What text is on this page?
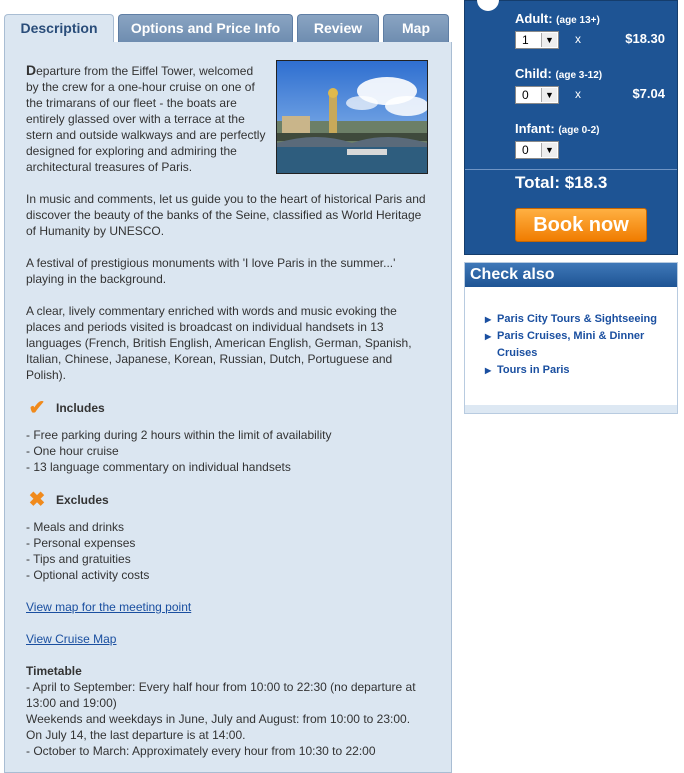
Description	Options and Price Info	Review	Map

Departure from the Eiffel Tower, welcomed by the crew for a one-hour cruise on one of the trimarans of our fleet - the boats are entirely glassed over with a terrace at the stern and outside walkways and are perfectly designed for exploring and admiring the architectural treasures of Paris.

In music and comments, let us guide you to the heart of historical Paris and discover the beauty of the banks of the Seine, classified as World Heritage of Humanity by UNESCO.

A festival of prestigious monuments with 'I love Paris in the summer...' playing in the background.

A clear, lively commentary enriched with words and music evoking the places and periods visited is broadcast on individual handsets in 13 languages (French, British English, American English, German, Spanish, Italian, Chinese, Japanese, Korean, Russian, Dutch, Portuguese and Polish).

✔ Includes
- Free parking during 2 hours within the limit of availability
- One hour cruise
- 13 language commentary on individual handsets
✖ Excludes
- Meals and drinks
- Personal expenses
- Tips and gratuities
- Optional activity costs
View map for the meeting point
View Cruise Map
Timetable
- April to September: Every half hour from 10:00 to 22:30 (no departure at 13:00 and 19:00)
Weekends and weekdays in June, July and August: from 10:00 to 23:00.
On July 14, the last departure is at 14:00.
- October to March: Approximately every hour from 10:30 to 22:00
Adult: (age 13+)
1	▼ x	$18.30
Child: (age 3-12)
0	▼ x	$7.04
Infant: (age 0-2)
0	▼
Total: $18.3
Book now
Check also
▶ Paris City Tours & Sightseeing
▶ Paris Cruises, Mini & Dinner Cruises
▶ Tours in Paris
